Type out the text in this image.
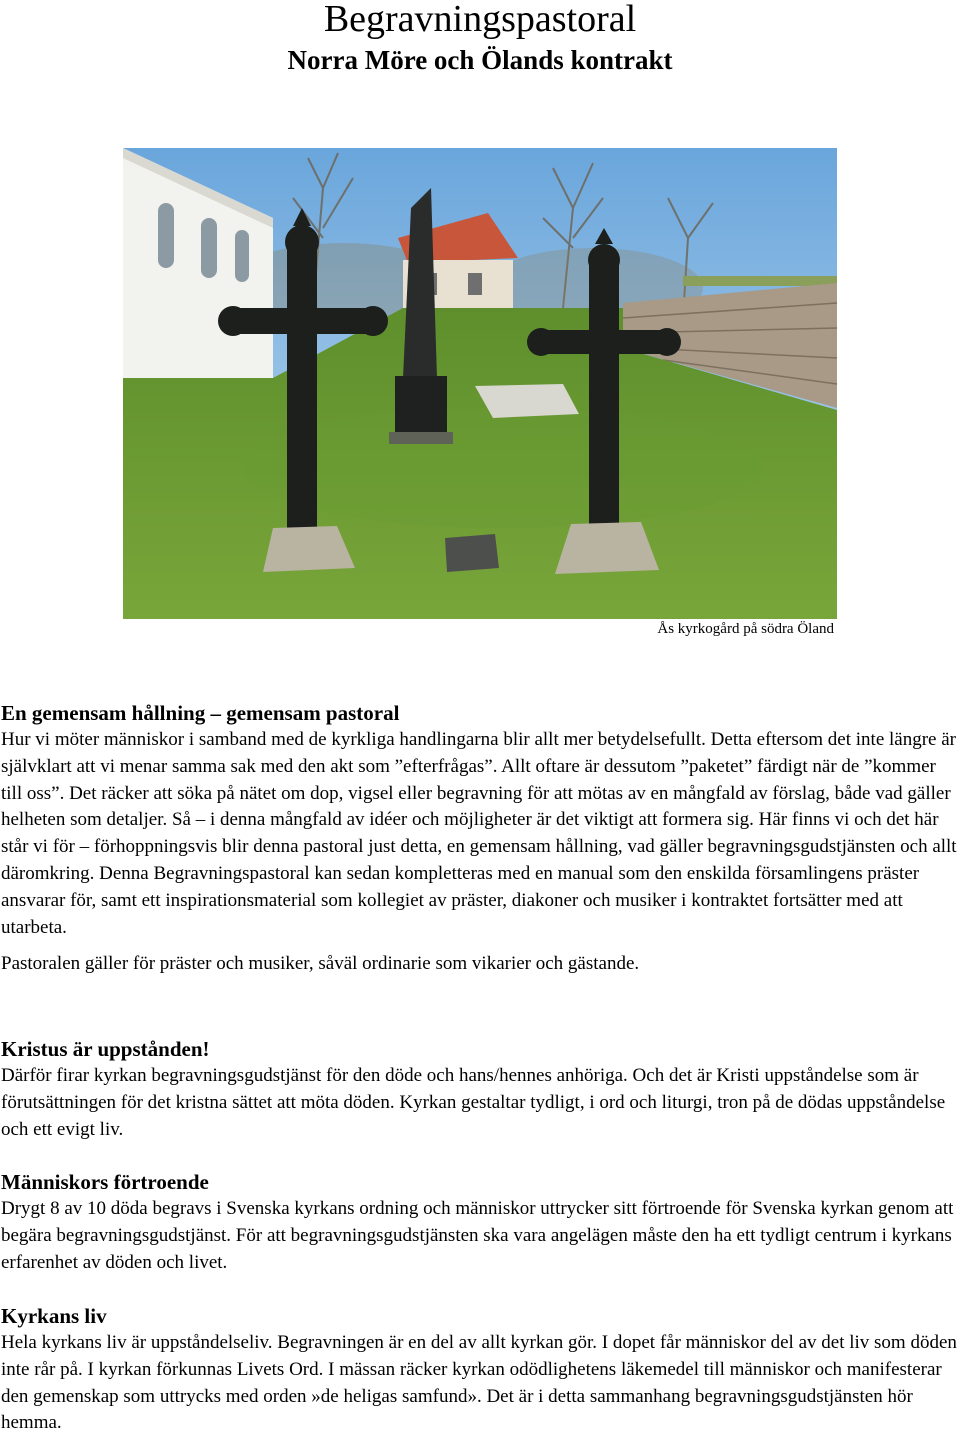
Begravningspastoral
Norra Möre och Ölands kontrakt
Ås kyrkogård på södra Öland
En gemensam hållning – gemensam pastoral

Hur vi möter människor i samband med de kyrkliga handlingarna blir allt mer betydelsefullt. Detta eftersom det inte längre är självklart att vi menar samma sak med den akt som ”efterfrågas”. Allt oftare är dessutom ”paketet” färdigt när de ”kommer till oss”. Det räcker att söka på nätet om dop, vigsel eller begravning för att mötas av en mångfald av förslag, både vad gäller helheten som detaljer. Så – i denna mångfald av idéer och möjligheter är det viktigt att formera sig. Här finns vi och det här står vi för – förhoppningsvis blir denna pastoral just detta, en gemensam hållning, vad gäller begravningsgudstjänsten och allt däromkring. Denna Begravningspastoral kan sedan kompletteras med en manual som den enskilda församlingens präster ansvarar för, samt ett inspirationsmaterial som kollegiet av präster, diakoner och musiker i kontraktet fortsätter med att utarbeta.

Pastoralen gäller för präster och musiker, såväl ordinarie som vikarier och gästande.

Kristus är uppstånden!

Därför firar kyrkan begravningsgudstjänst för den döde och hans/hennes anhöriga. Och det är Kristi uppståndelse som är förutsättningen för det kristna sättet att möta döden. Kyrkan gestaltar tydligt, i ord och liturgi, tron på de dödas uppståndelse och ett evigt liv.

Människors förtroende

Drygt 8 av 10 döda begravs i Svenska kyrkans ordning och människor uttrycker sitt förtroende för Svenska kyrkan genom att begära begravningsgudstjänst. För att begravningsgudstjänsten ska vara angelägen måste den ha ett tydligt centrum i kyrkans erfarenhet av döden och livet.

Kyrkans liv

Hela kyrkans liv är uppståndelseliv. Begravningen är en del av allt kyrkan gör. I dopet får människor del av det liv som döden inte rår på. I kyrkan förkunnas Livets Ord. I mässan räcker kyrkan odödlighetens läkemedel till människor och manifesterar den gemenskap som uttrycks med orden »de heligas samfund». Det är i detta sammanhang begravningsgudstjänsten hör hemma.
